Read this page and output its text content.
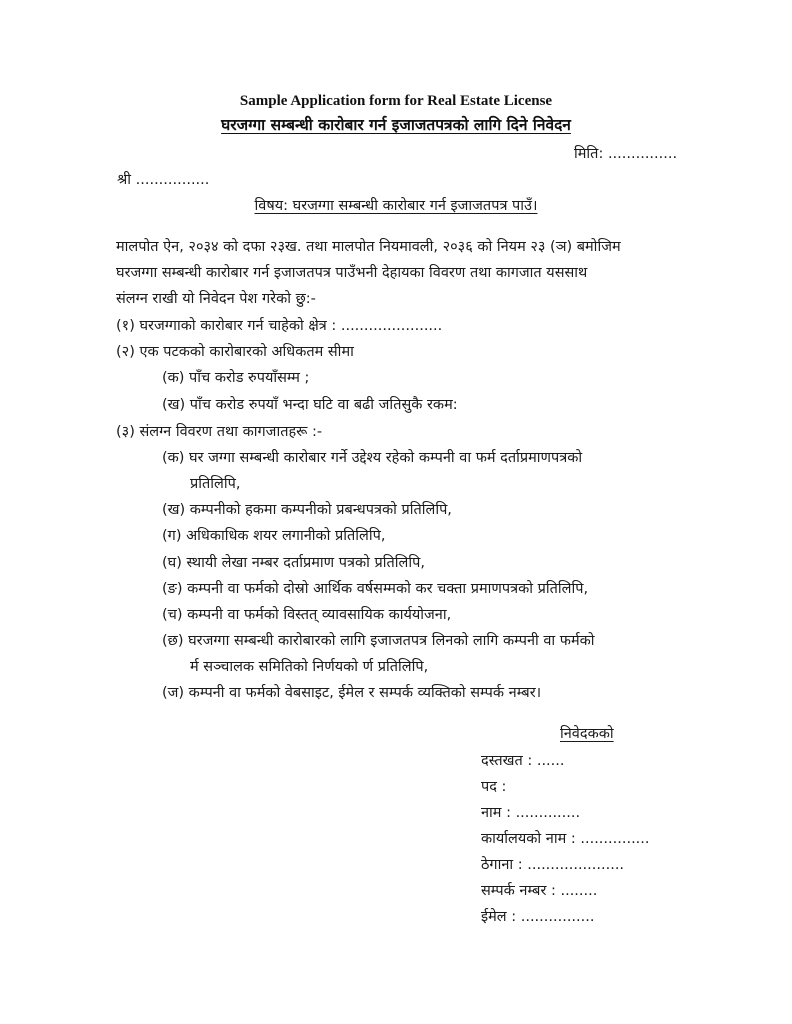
Sample Application form for Real Estate License
घरजग्गा सम्बन्धी कारोबार गर्न इजाजतपत्रको लागि दिने निवेदन
मिति: ...............
श्री ................
विषय: घरजग्गा सम्बन्धी कारोबार गर्न इजाजतपत्र पाउँ।
मालपोत ऐन, २०३४ को दफा २३ख. तथा मालपोत नियमावली, २०३६ को नियम २३ (ञ) बमोजिम
घरजग्गा सम्बन्धी कारोबार गर्न इजाजतपत्र पाउँभनी देहायका विवरण तथा कागजात यससाथ
संलग्न राखी यो निवेदन पेश गरेको छु:-
(१) घरजग्गाको कारोबार गर्न चाहेको क्षेत्र : ......................
(२) एक पटकको कारोबारको अधिकतम सीमा
(क) पाँच करोड रुपयाँसम्म ;
(ख) पाँच करोड रुपयाँ भन्दा घटि वा बढी जतिसुकै रकम:
(३) संलग्न विवरण तथा कागजातहरू :-
(क) घर जग्गा सम्बन्धी कारोबार गर्ने उद्देश्य रहेको कम्पनी वा फर्म दर्ताप्रमाणपत्रको
प्रतिलिपि,
(ख) कम्पनीको हकमा कम्पनीको प्रबन्धपत्रको प्रतिलिपि,
(ग) अधिकाधिक शयर लगानीको प्रतिलिपि,
(घ) स्थायी लेखा नम्बर दर्ताप्रमाण पत्रको प्रतिलिपि,
(ङ) कम्पनी वा फर्मको दोस्रो आर्थिक वर्षसम्मको कर चक्ता प्रमाणपत्रको प्रतिलिपि,
(च) कम्पनी वा फर्मको विस्तत् व्यावसायिक कार्ययोजना,
(छ) घरजग्गा सम्बन्धी कारोबारको लागि इजाजतपत्र लिनको लागि कम्पनी वा फर्मको
र्म सञ्चालक समितिको निर्णयको र्ण प्रतिलिपि,
(ज) कम्पनी वा फर्मको वेबसाइट, ईमेल र सम्पर्क व्यक्तिको सम्पर्क नम्बर।
निवेदकको
दस्तखत : ......
पद :
नाम : ..............
कार्यालयको नाम : ...............
ठेगाना : .....................
सम्पर्क नम्बर : ........
ईमेल : ................
